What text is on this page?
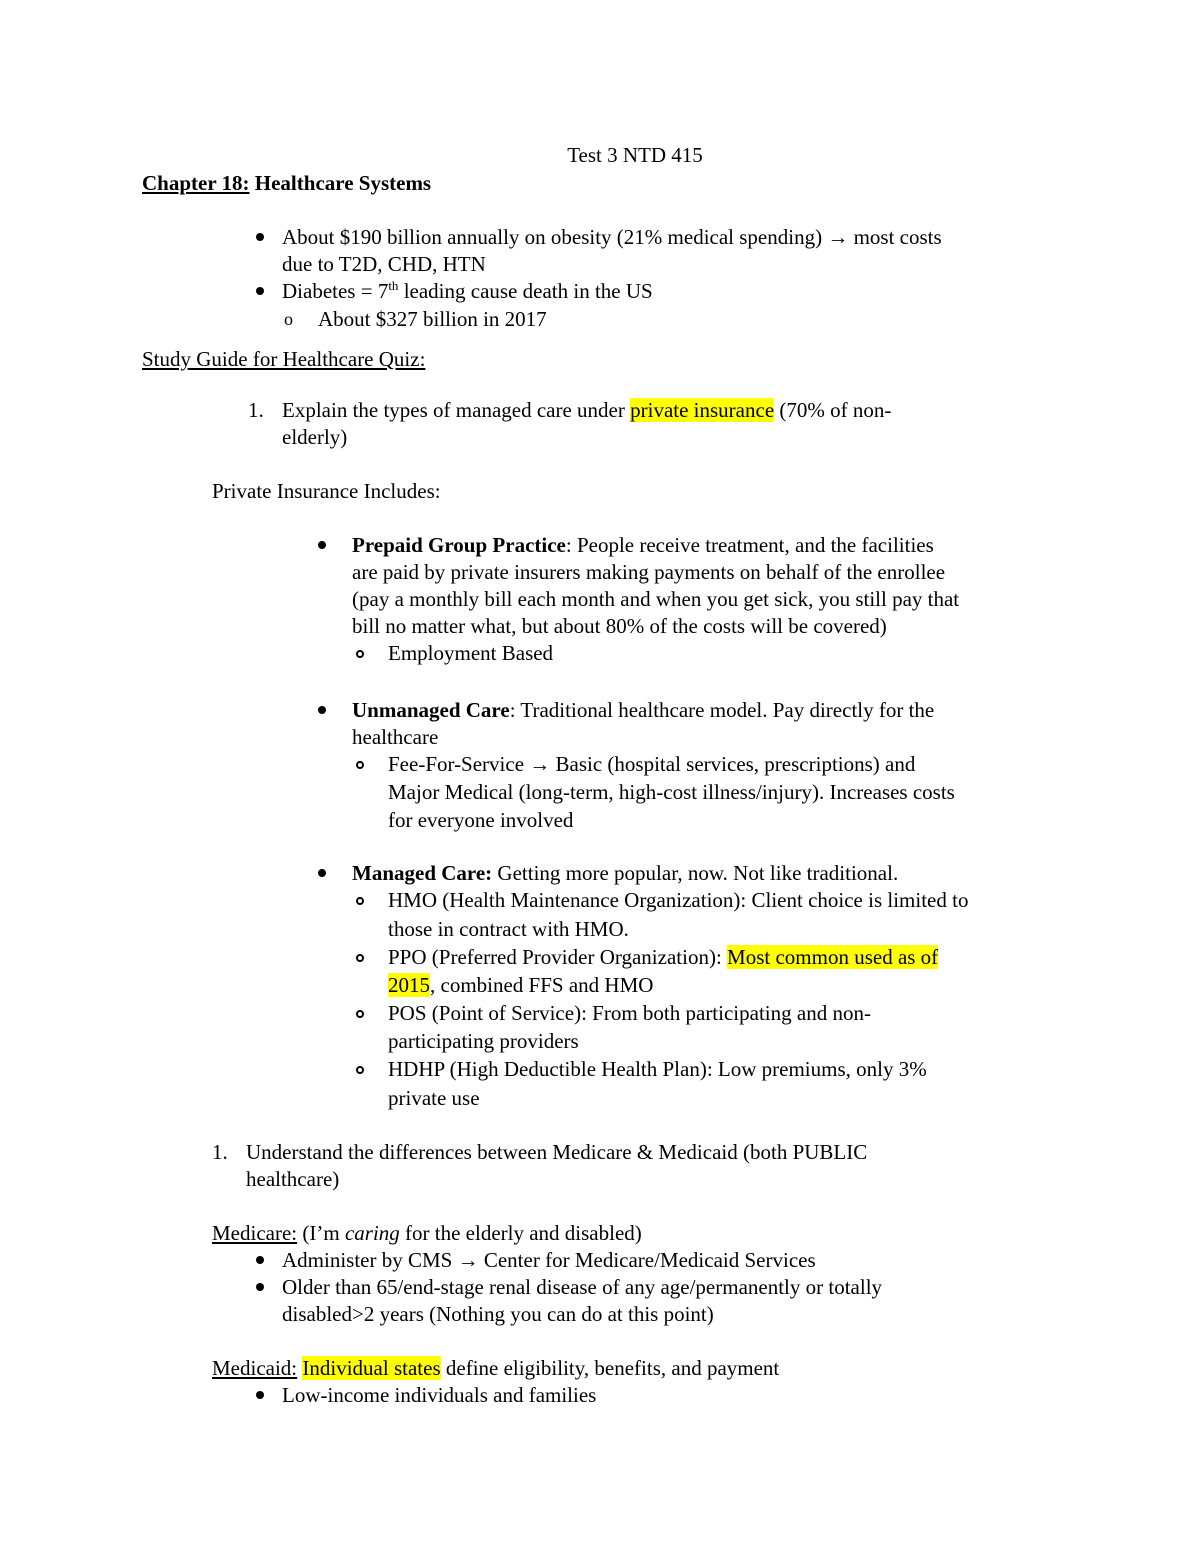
Test 3 NTD 415
Chapter 18: Healthcare Systems
About $190 billion annually on obesity (21% medical spending) → most costs
due to T2D, CHD, HTN
Diabetes = 7th leading cause death in the US
o About $327 billion in 2017
Study Guide for Healthcare Quiz:
1. Explain the types of managed care under private insurance (70% of non-
elderly)
Private Insurance Includes:
Prepaid Group Practice: People receive treatment, and the facilities
are paid by private insurers making payments on behalf of the enrollee
(pay a monthly bill each month and when you get sick, you still pay that
bill no matter what, but about 80% of the costs will be covered)
Employment Based
Unmanaged Care: Traditional healthcare model. Pay directly for the
healthcare
Fee-For-Service → Basic (hospital services, prescriptions) and
Major Medical (long-term, high-cost illness/injury). Increases costs
for everyone involved
Managed Care: Getting more popular, now. Not like traditional.
HMO (Health Maintenance Organization): Client choice is limited to
those in contract with HMO.
PPO (Preferred Provider Organization): Most common used as of
2015, combined FFS and HMO
POS (Point of Service): From both participating and non-
participating providers
HDHP (High Deductible Health Plan): Low premiums, only 3%
private use
1. Understand the differences between Medicare & Medicaid (both PUBLIC
healthcare)
Medicare: (I’m caring for the elderly and disabled)
Administer by CMS → Center for Medicare/Medicaid Services
Older than 65/end-stage renal disease of any age/permanently or totally
disabled>2 years (Nothing you can do at this point)
Medicaid: Individual states define eligibility, benefits, and payment
Low-income individuals and families
